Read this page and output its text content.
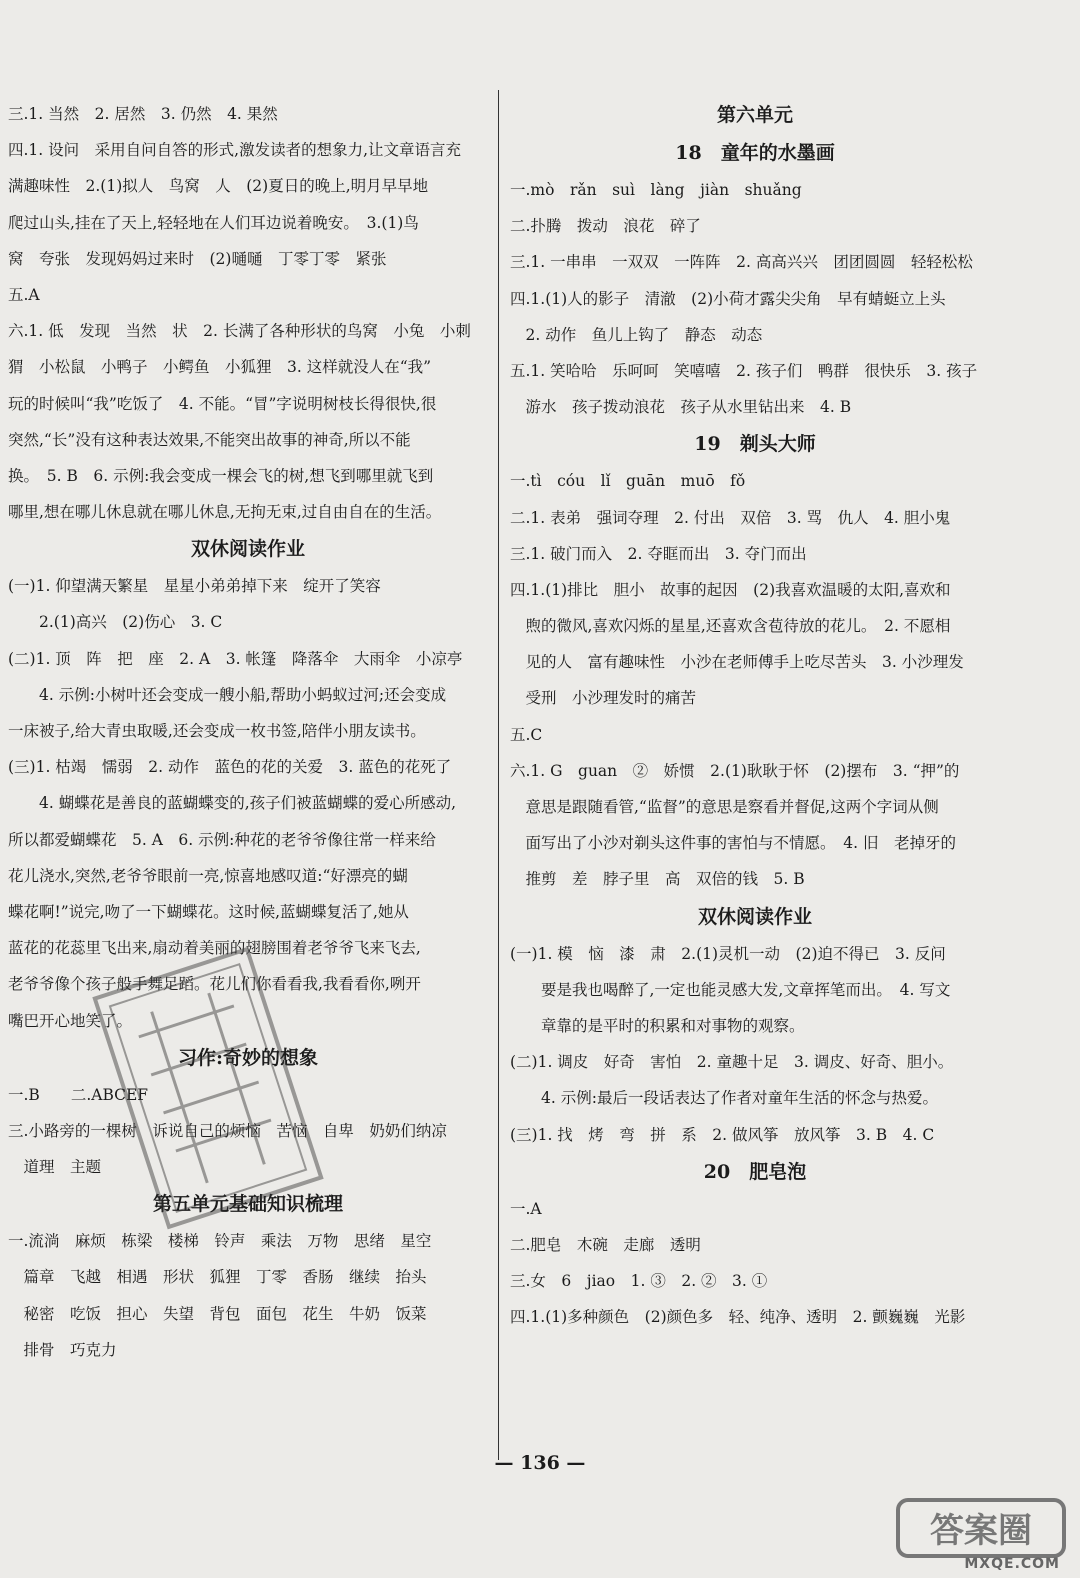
三.1. 当然　2. 居然　3. 仍然　4. 果然
四.1. 设问　采用自问自答的形式,激发读者的想象力,让文章语言充
满趣味性　2.(1)拟人　鸟窝　人　(2)夏日的晚上,明月早早地
爬过山头,挂在了天上,轻轻地在人们耳边说着晚安。　3.(1)鸟
窝　夸张　发现妈妈过来时　(2)嗵嗵　丁零丁零　紧张
五.A
六.1. 低　发现　当然　状　2. 长满了各种形状的鸟窝　小兔　小刺
猬　小松鼠　小鸭子　小鳄鱼　小狐狸　3. 这样就没人在“我”
玩的时候叫“我”吃饭了　4. 不能。“冒”字说明树枝长得很快,很
突然,“长”没有这种表达效果,不能突出故事的神奇,所以不能
换。　5. B　6. 示例:我会变成一棵会飞的树,想飞到哪里就飞到
哪里,想在哪儿休息就在哪儿休息,无拘无束,过自由自在的生活。
双休阅读作业
(一)1. 仰望满天繁星　星星小弟弟掉下来　绽开了笑容
　　2.(1)高兴　(2)伤心　3. C
(二)1. 顶　阵　把　座　2. A　3. 帐篷　降落伞　大雨伞　小凉亭
　　4. 示例:小树叶还会变成一艘小船,帮助小蚂蚁过河;还会变成
一床被子,给大青虫取暖,还会变成一枚书签,陪伴小朋友读书。
(三)1. 枯竭　懦弱　2. 动作　蓝色的花的关爱　3. 蓝色的花死了
　　4. 蝴蝶花是善良的蓝蝴蝶变的,孩子们被蓝蝴蝶的爱心所感动,
所以都爱蝴蝶花　5. A　6. 示例:种花的老爷爷像往常一样来给
花儿浇水,突然,老爷爷眼前一亮,惊喜地感叹道:“好漂亮的蝴
蝶花啊!”说完,吻了一下蝴蝶花。这时候,蓝蝴蝶复活了,她从
蓝花的花蕊里飞出来,扇动着美丽的翅膀围着老爷爷飞来飞去,
老爷爷像个孩子般手舞足蹈。花儿们你看看我,我看看你,咧开
嘴巴开心地笑了。
习作:奇妙的想象
一.B　　二.ABCEF
三.小路旁的一棵树　诉说自己的烦恼　苦恼　自卑　奶奶们纳凉
　道理　主题
第五单元基础知识梳理
一.流淌　麻烦　栋梁　楼梯　铃声　乘法　万物　思绪　星空
　篇章　飞越　相遇　形状　狐狸　丁零　香肠　继续　抬头
　秘密　吃饭　担心　失望　背包　面包　花生　牛奶　饭菜
　排骨　巧克力
第六单元
18　童年的水墨画
一.mò　rǎn　suì　làng　jiàn　shuǎng
二.扑腾　拨动　浪花　碎了
三.1. 一串串　一双双　一阵阵　2. 高高兴兴　团团圆圆　轻轻松松
四.1.(1)人的影子　清澈　(2)小荷才露尖尖角　早有蜻蜓立上头
　2. 动作　鱼儿上钩了　静态　动态
五.1. 笑哈哈　乐呵呵　笑嘻嘻　2. 孩子们　鸭群　很快乐　3. 孩子
　游水　孩子拨动浪花　孩子从水里钻出来　4. B
19　剃头大师
一.tì　cóu　lǐ　guān　muō　fǒ
二.1. 表弟　强词夺理　2. 付出　双倍　3. 骂　仇人　4. 胆小鬼
三.1. 破门而入　2. 夺眶而出　3. 夺门而出
四.1.(1)排比　胆小　故事的起因　(2)我喜欢温暖的太阳,喜欢和
　煦的微风,喜欢闪烁的星星,还喜欢含苞待放的花儿。　2. 不愿相
　见的人　富有趣味性　小沙在老师傅手上吃尽苦头　3. 小沙理发
　受刑　小沙理发时的痛苦
五.C
六.1. G　guan　②　娇惯　2.(1)耿耿于怀　(2)摆布　3. “押”的
　意思是跟随看管,“监督”的意思是察看并督促,这两个字词从侧
　面写出了小沙对剃头这件事的害怕与不情愿。　4. 旧　老掉牙的
　推剪　差　脖子里　高　双倍的钱　5. B
双休阅读作业
(一)1. 模　恼　漆　肃　2.(1)灵机一动　(2)迫不得已　3. 反问
　　要是我也喝醉了,一定也能灵感大发,文章挥笔而出。　4. 写文
　　章靠的是平时的积累和对事物的观察。
(二)1. 调皮　好奇　害怕　2. 童趣十足　3. 调皮、好奇、胆小。
　　4. 示例:最后一段话表达了作者对童年生活的怀念与热爱。
(三)1. 找　烤　弯　拼　系　2. 做风筝　放风筝　3. B　4. C
20　肥皂泡
一.A
二.肥皂　木碗　走廊　透明
三.女　6　jiao　1. ③　2. ②　3. ①
四.1.(1)多种颜色　(2)颜色多　轻、纯净、透明　2. 颤巍巍　光影
— 136 —
答案圈
MXQE.COM
